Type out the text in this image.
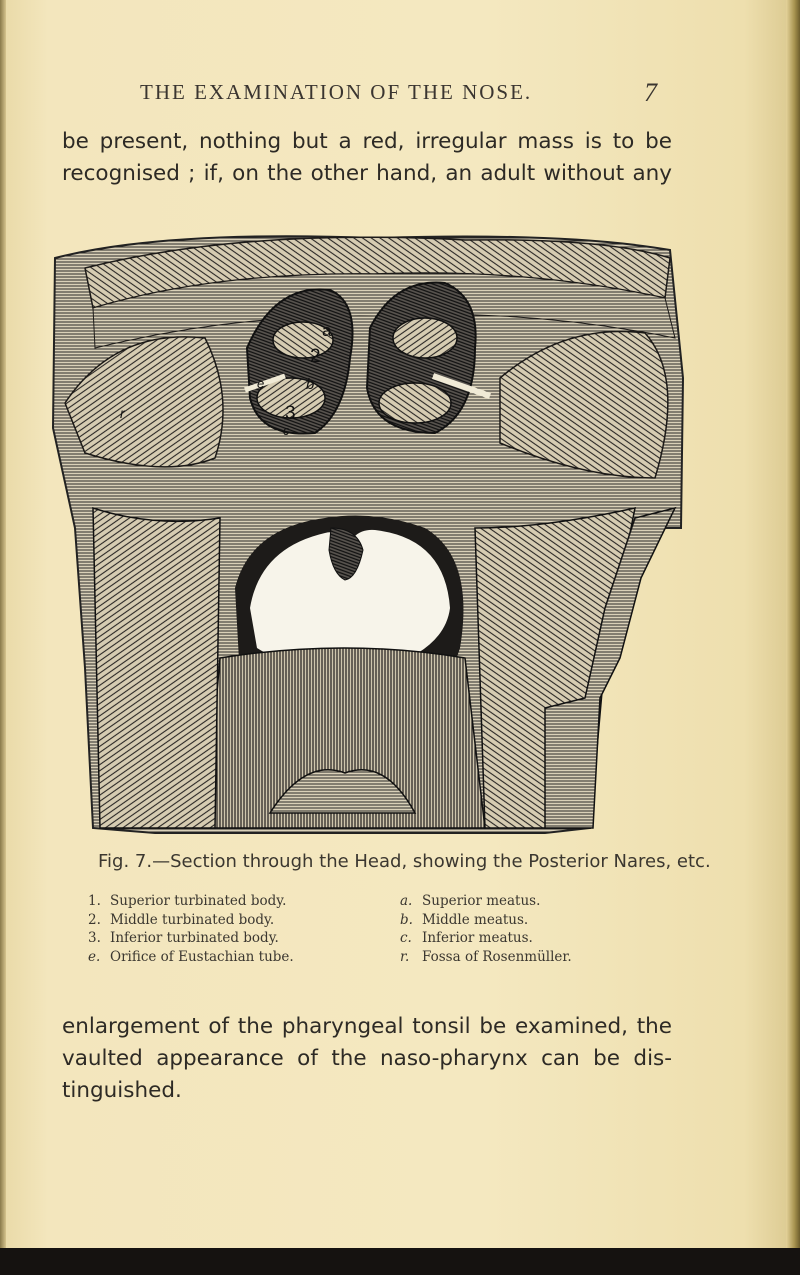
THE EXAMINATION OF THE NOSE.	7
be present, nothing but a red, irregular mass is to be
recognised ; if, on the other hand, an adult without any
a
2
b
3
c
e
r
Fig. 7.—Section through the Head, showing the Posterior Nares, etc.
1. Superior turbinated body.
2. Middle turbinated body.
3. Inferior turbinated body.
e. Orifice of Eustachian tube.
a. Superior meatus.
b. Middle meatus.
c. Inferior meatus.
r. Fossa of Rosenmüller.
enlargement of the pharyngeal tonsil be examined, the
vaulted appearance of the naso-pharynx can be dis-
tinguished.
